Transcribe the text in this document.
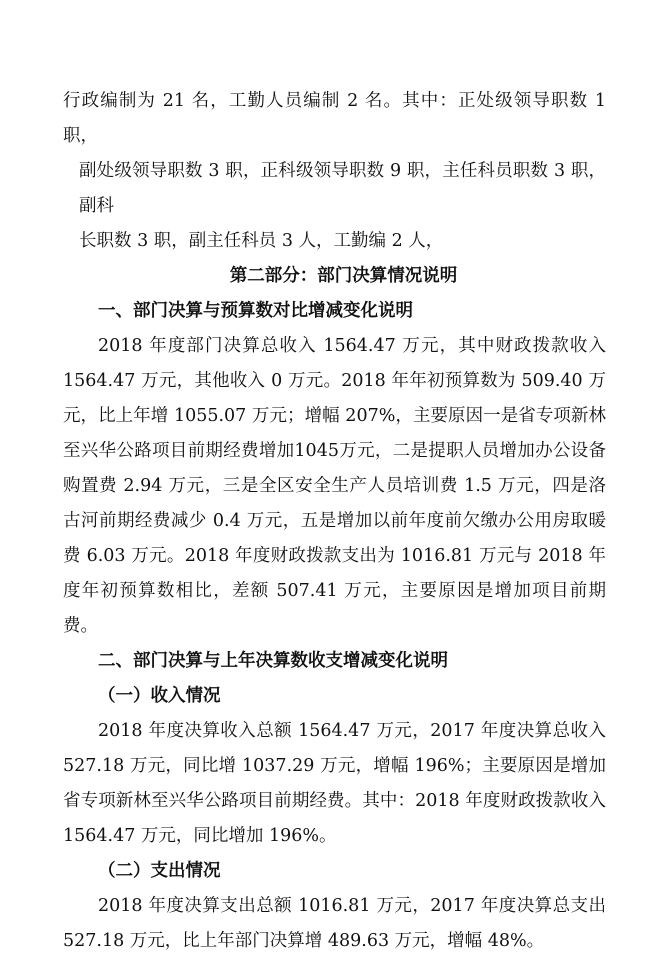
行政编制为 21 名，工勤人员编制 2 名。其中：正处级领导职数 1 职，

副处级领导职数 3 职，正科级领导职数 9 职，主任科员职数 3 职，副科

长职数 3 职，副主任科员 3 人，工勤编 2 人，

第二部分：部门决算情况说明
一、部门决算与预算数对比增减变化说明

2018 年度部门决算总收入 1564.47 万元，其中财政拨款收入 1564.47 万元，其他收入 0 万元。2018 年年初预算数为 509.40 万元，比上年增 1055.07 万元；增幅 207%，主要原因一是省专项新林至兴华公路项目前期经费增加1045万元，二是提职人员增加办公设备购置费 2.94 万元，三是全区安全生产人员培训费 1.5 万元，四是洛古河前期经费减少 0.4 万元，五是增加以前年度前欠缴办公用房取暖费 6.03 万元。2018 年度财政拨款支出为 1016.81 万元与 2018 年度年初预算数相比，差额 507.41 万元，主要原因是增加项目前期费。

二、部门决算与上年决算数收支增减变化说明
（一）收入情况

2018 年度决算收入总额 1564.47 万元，2017 年度决算总收入 527.18 万元，同比增 1037.29 万元，增幅 196%；主要原因是增加省专项新林至兴华公路项目前期经费。其中：2018 年度财政拨款收入 1564.47 万元，同比增加 196%。

（二）支出情况

2018 年度决算支出总额 1016.81 万元，2017 年度决算总支出 527.18 万元，比上年部门决算增 489.63 万元，增幅 48%。
